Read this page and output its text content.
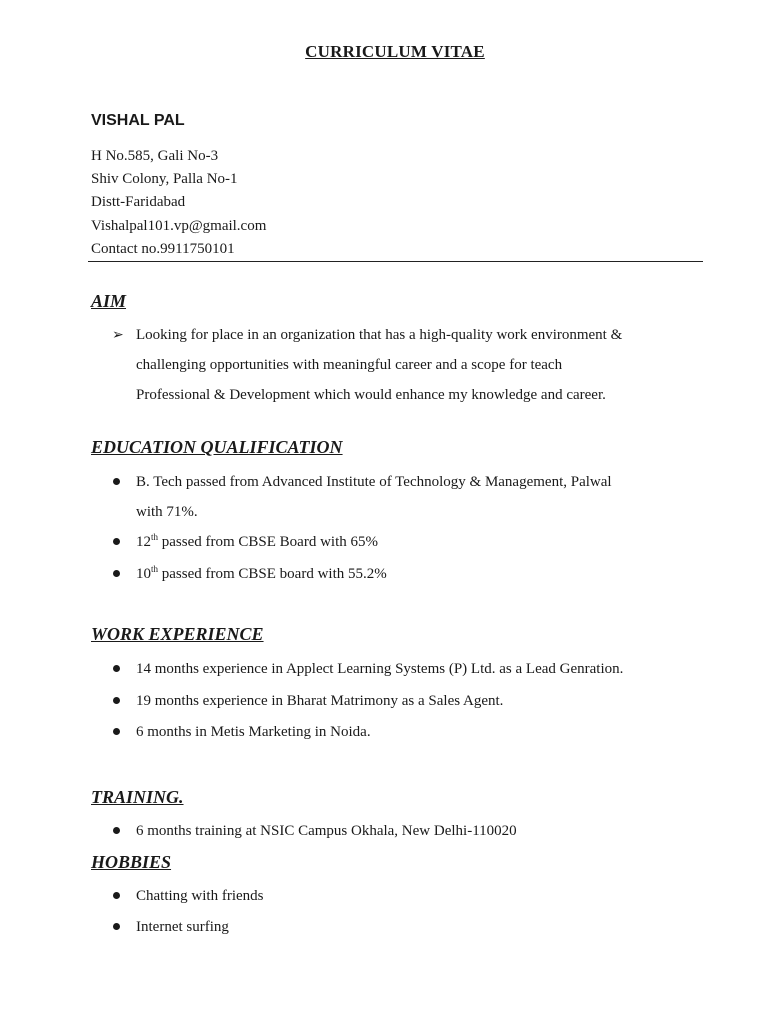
CURRICULUM VITAE
VISHAL PAL
H No.585, Gali No-3
Shiv Colony, Palla No-1
Distt-Faridabad
Vishalpal101.vp@gmail.com
Contact no.9911750101
AIM
➢ Looking for place in an organization that has a high-quality work environment &
challenging opportunities with meaningful career and a scope for teach
Professional & Development which would enhance my knowledge and career.
EDUCATION QUALIFICATION
B. Tech passed from Advanced Institute of Technology & Management, Palwal
with 71%.
12th passed from CBSE Board with 65%
10th passed from CBSE board with 55.2%
WORK EXPERIENCE
14 months experience in Applect Learning Systems (P) Ltd. as a Lead Genration.
19 months experience in Bharat Matrimony as a Sales Agent.
6 months in Metis Marketing in Noida.
TRAINING.
6 months training at NSIC Campus Okhala, New Delhi-110020
HOBBIES
Chatting with friends
Internet surfing
